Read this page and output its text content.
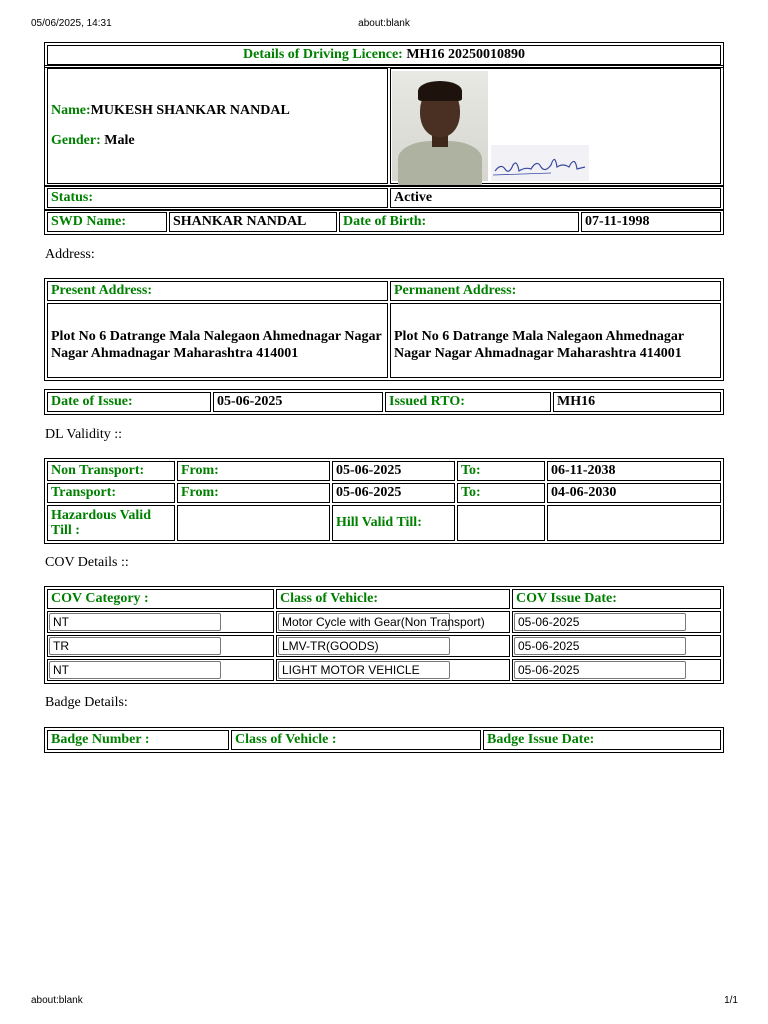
05/06/2025, 14:31	about:blank
about:blank	1/1
Details of Driving Licence: MH16 20250010890
Name:MUKESH SHANKAR NANDAL
Gender: Male

Status:	Active
SWD Name:	SHANKAR NANDAL	Date of Birth:	07-11-1998
Address:
Present Address:	Permanent Address:
Plot No 6 Datrange Mala Nalegaon Ahmednagar Nagar Nagar Ahmadnagar Maharashtra 414001	Plot No 6 Datrange Mala Nalegaon Ahmednagar Nagar Nagar Ahmadnagar Maharashtra 414001
Date of Issue:	05-06-2025	Issued RTO:	MH16
DL Validity ::
Non Transport:	From:	05-06-2025	To:	06-11-2038
Transport:	From:	05-06-2025	To:	04-06-2030
Hazardous Valid Till :		Hill Valid Till:		
COV Details ::
COV Category :	Class of Vehicle:	COV Issue Date:

NT	Motor Cycle with Gear(Non Transport)	05-06-2025

TR	LMV-TR(GOODS)	05-06-2025

NT	LIGHT MOTOR VEHICLE	05-06-2025
Badge Details:
Badge Number :	Class of Vehicle :	Badge Issue Date:
